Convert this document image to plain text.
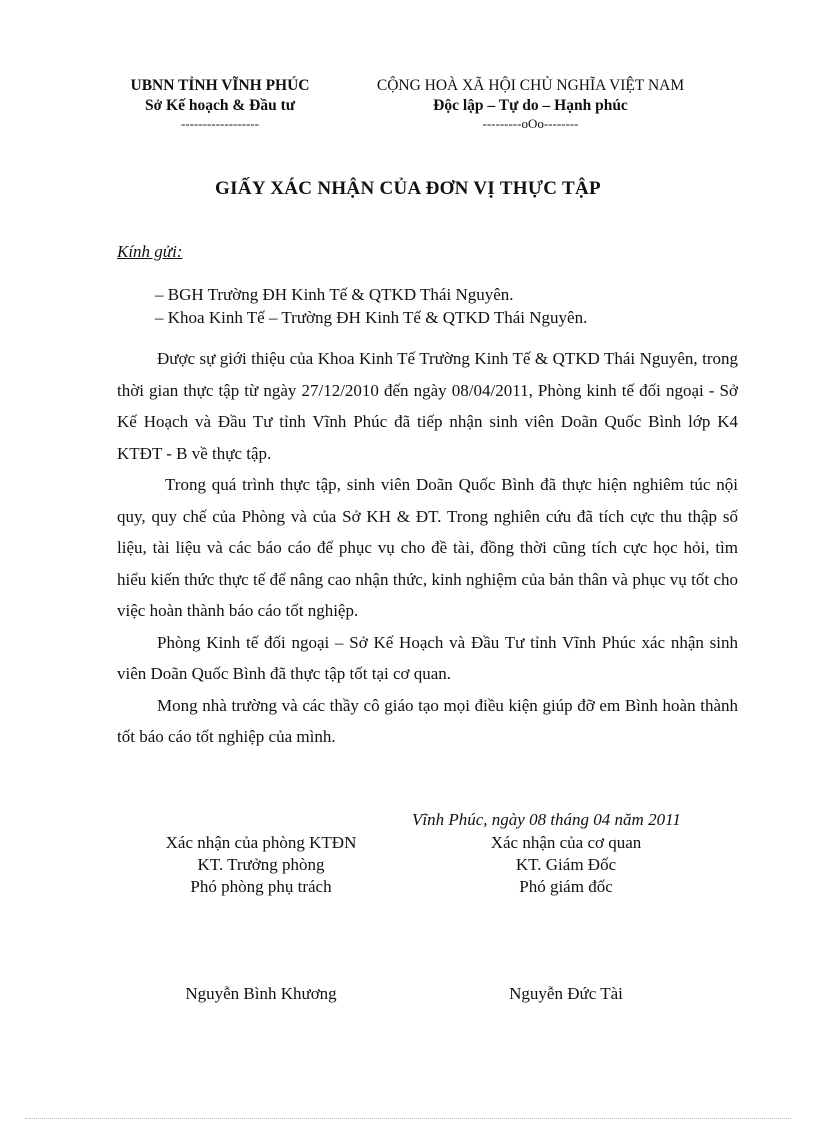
UBNN TỈNH VĨNH PHÚC
Sở Kế hoạch & Đầu tư
------------------
CỘNG HOÀ XÃ HỘI CHỦ NGHĨA VIỆT NAM
Độc lập – Tự do – Hạnh phúc
---------oOo--------
GIẤY XÁC NHẬN CỦA ĐƠN VỊ THỰC TẬP
Kính gửi:
– BGH Trường ĐH Kinh Tế & QTKD Thái Nguyên.
– Khoa Kinh Tế – Trường ĐH Kinh Tế & QTKD Thái Nguyên.

Được sự giới thiệu của Khoa Kinh Tế Trường Kinh Tế & QTKD Thái Nguyên, trong thời gian thực tập từ ngày 27/12/2010 đến ngày 08/04/2011, Phòng kinh tế đối ngoại - Sở Kế Hoạch và Đầu Tư tỉnh Vĩnh Phúc đã tiếp nhận sinh viên Doãn Quốc Bình lớp K4 KTĐT - B về thực tập.

Trong quá trình thực tập, sinh viên Doãn Quốc Bình đã thực hiện nghiêm túc nội quy, quy chế của Phòng và của Sở KH & ĐT. Trong nghiên cứu đã tích cực thu thập số liệu, tài liệu và các báo cáo để phục vụ cho đề tài, đồng thời cũng tích cực học hỏi, tìm hiểu kiến thức thực tế để nâng cao nhận thức, kinh nghiệm của bản thân và phục vụ tốt cho việc hoàn thành báo cáo tốt nghiệp.

Phòng Kinh tế đối ngoại – Sở Kế Hoạch và Đầu Tư tỉnh Vĩnh Phúc xác nhận sinh viên Doãn Quốc Bình đã thực tập tốt tại cơ quan.

Mong nhà trường và các thầy cô giáo tạo mọi điều kiện giúp đỡ em Bình hoàn thành tốt báo cáo tốt nghiệp của mình.

Vĩnh Phúc, ngày 08 tháng 04 năm 2011
Xác nhận của phòng KTĐN
KT. Trưởng phòng
Phó phòng phụ trách
Nguyễn Bình Khương
Xác nhận của cơ quan
KT. Giám Đốc
Phó giám đốc
Nguyễn Đức Tài
